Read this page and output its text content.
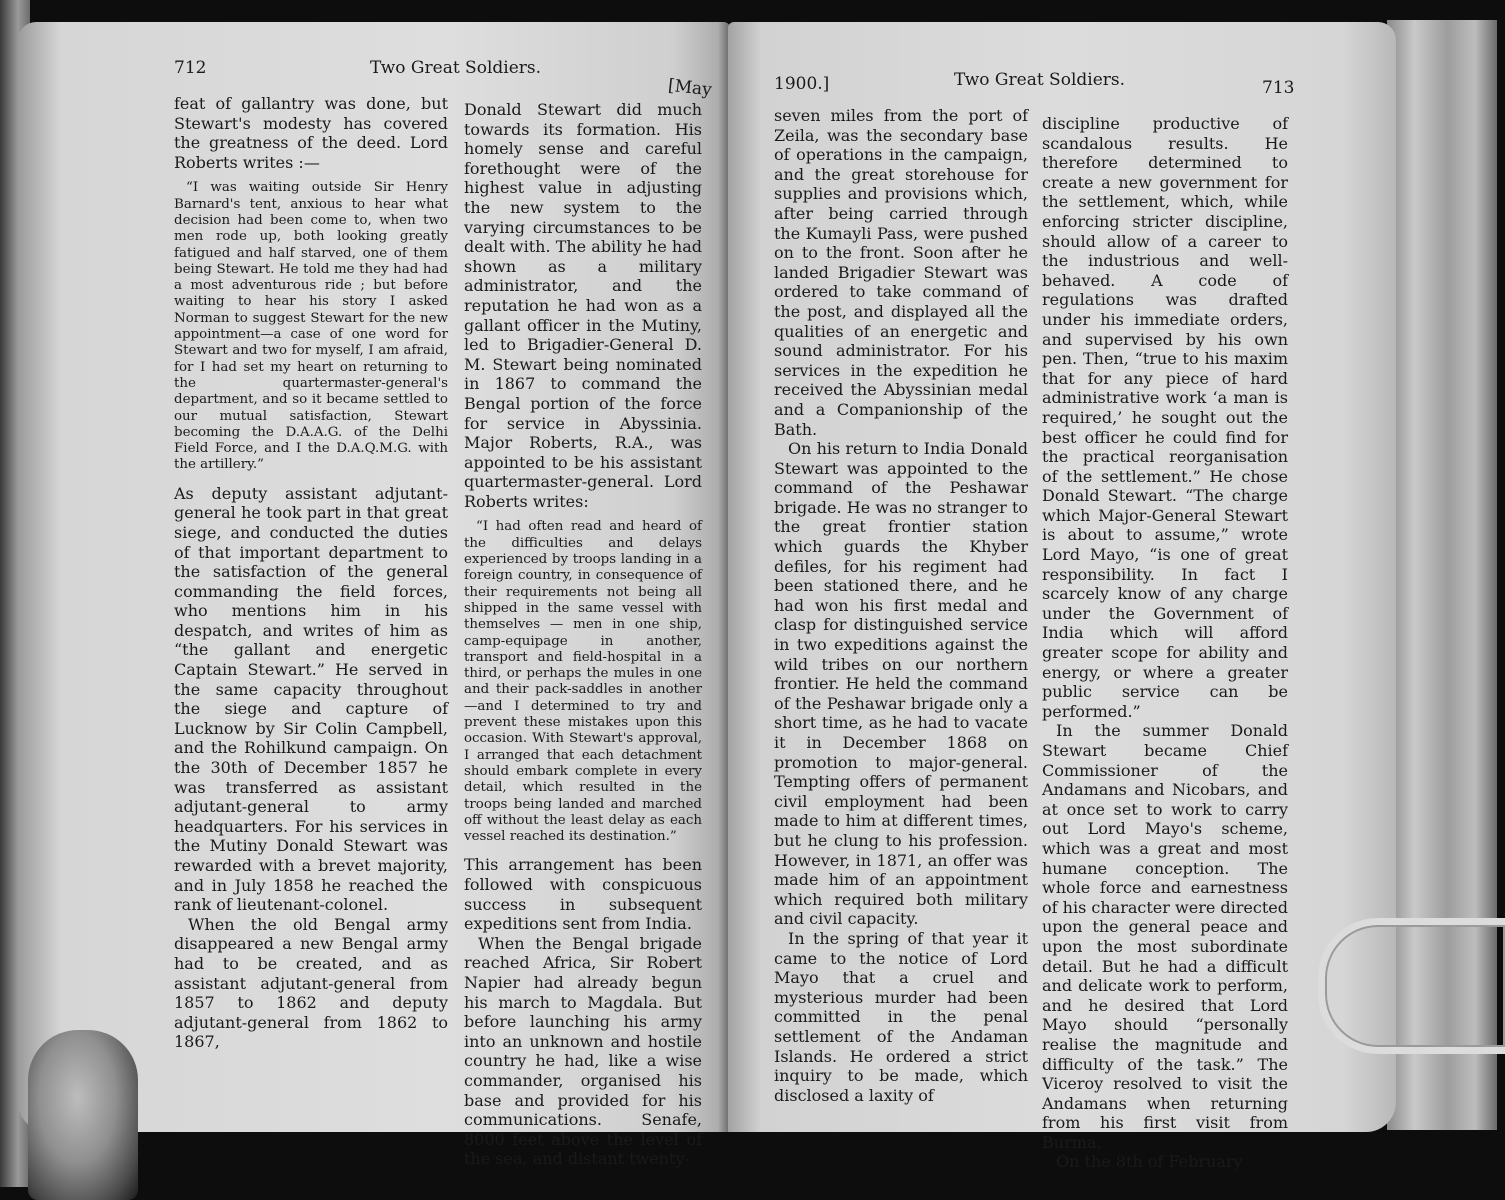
712	Two Great Soldiers.
[May

feat of gallantry was done, but Stewart's modesty has covered the greatness of the deed. Lord Roberts writes :—

“I was waiting outside Sir Henry Barnard's tent, anxious to hear what decision had been come to, when two men rode up, both looking greatly fatigued and half starved, one of them being Stewart. He told me they had had a most adventurous ride ; but before waiting to hear his story I asked Norman to suggest Stewart for the new appointment—a case of one word for Stewart and two for myself, I am afraid, for I had set my heart on returning to the quartermaster-general's department, and so it became settled to our mutual satisfaction, Stewart becoming the D.A.A.G. of the Delhi Field Force, and I the D.A.Q.M.G. with the artillery.”

As deputy assistant adjutant-general he took part in that great siege, and conducted the duties of that important department to the satisfaction of the general commanding the field forces, who mentions him in his despatch, and writes of him as “the gallant and energetic Captain Stewart.” He served in the same capacity throughout the siege and capture of Lucknow by Sir Colin Campbell, and the Rohilkund campaign. On the 30th of December 1857 he was transferred as assistant adjutant-general to army headquarters. For his services in the Mutiny Donald Stewart was rewarded with a brevet majority, and in July 1858 he reached the rank of lieutenant-colonel.

When the old Bengal army disappeared a new Bengal army had to be created, and as assistant adjutant-general from 1857 to 1862 and deputy adjutant-general from 1862 to 1867,

Donald Stewart did much towards its formation. His homely sense and careful forethought were of the highest value in adjusting the new system to the varying circumstances to be dealt with. The ability he had shown as a military administrator, and the reputation he had won as a gallant officer in the Mutiny, led to Brigadier-General D. M. Stewart being nominated in 1867 to command the Bengal portion of the force for service in Abyssinia. Major Roberts, R.A., was appointed to be his assistant quartermaster-general. Lord Roberts writes:

“I had often read and heard of the difficulties and delays experienced by troops landing in a foreign country, in consequence of their requirements not being all shipped in the same vessel with themselves — men in one ship, camp-equipage in another, transport and field-hospital in a third, or perhaps the mules in one and their pack-saddles in another—and I determined to try and prevent these mistakes upon this occasion. With Stewart's approval, I arranged that each detachment should embark complete in every detail, which resulted in the troops being landed and marched off without the least delay as each vessel reached its destination.”

This arrangement has been followed with conspicuous success in subsequent expeditions sent from India.

When the Bengal brigade reached Africa, Sir Robert Napier had already begun his march to Magdala. But before launching his army into an unknown and hostile country he had, like a wise commander, organised his base and provided for his communications. Senafe, 8000 feet above the level of the sea, and distant twenty-

1900.]	Two Great Soldiers.	713

seven miles from the port of Zeila, was the secondary base of operations in the campaign, and the great storehouse for supplies and provisions which, after being carried through the Kumayli Pass, were pushed on to the front. Soon after he landed Brigadier Stewart was ordered to take command of the post, and displayed all the qualities of an energetic and sound administrator. For his services in the expedition he received the Abyssinian medal and a Companionship of the Bath.

On his return to India Donald Stewart was appointed to the command of the Peshawar brigade. He was no stranger to the great frontier station which guards the Khyber defiles, for his regiment had been stationed there, and he had won his first medal and clasp for distinguished service in two expeditions against the wild tribes on our northern frontier. He held the command of the Peshawar brigade only a short time, as he had to vacate it in December 1868 on promotion to major-general. Tempting offers of permanent civil employment had been made to him at different times, but he clung to his profession. However, in 1871, an offer was made him of an appointment which required both military and civil capacity.

In the spring of that year it came to the notice of Lord Mayo that a cruel and mysterious murder had been committed in the penal settlement of the Andaman Islands. He ordered a strict inquiry to be made, which disclosed a laxity of

discipline productive of scandalous results. He therefore determined to create a new government for the settlement, which, while enforcing stricter discipline, should allow of a career to the industrious and well-behaved. A code of regulations was drafted under his immediate orders, and supervised by his own pen. Then, “true to his maxim that for any piece of hard administrative work ‘a man is required,’ he sought out the best officer he could find for the practical reorganisation of the settlement.” He chose Donald Stewart. “The charge which Major-General Stewart is about to assume,” wrote Lord Mayo, “is one of great responsibility. In fact I scarcely know of any charge under the Government of India which will afford greater scope for ability and energy, or where a greater public service can be performed.”

In the summer Donald Stewart became Chief Commissioner of the Andamans and Nicobars, and at once set to work to carry out Lord Mayo's scheme, which was a great and most humane conception. The whole force and earnestness of his character were directed upon the general peace and upon the most subordinate detail. But he had a difficult and delicate work to perform, and he desired that Lord Mayo should “personally realise the magnitude and difficulty of the task.” The Viceroy resolved to visit the Andamans when returning from his first visit from Burma.

On the 8th of February
